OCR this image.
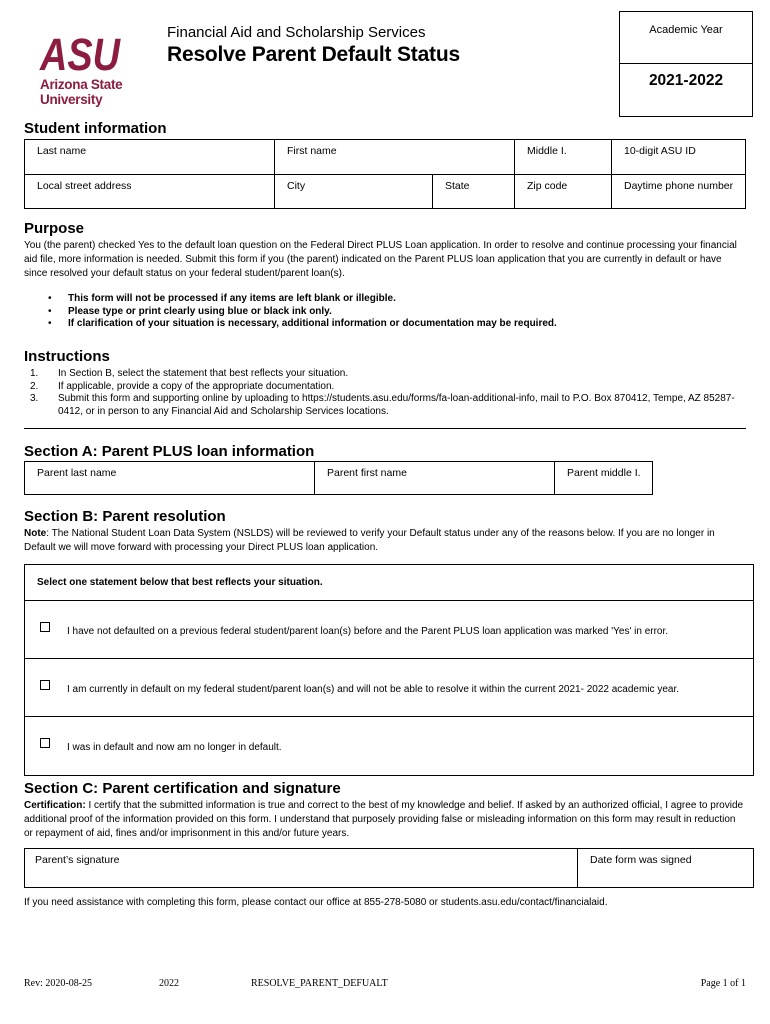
ASU
Arizona State
University
Financial Aid and Scholarship Services
Resolve Parent Default Status
Academic Year
2021-2022
Student information
Last name	First name	Middle I.	10-digit ASU ID
Local street address	City	State	Zip code	Daytime phone number
Purpose
You (the parent) checked Yes to the default loan question on the Federal Direct PLUS Loan application. In order to resolve and continue processing your financial aid file, more information is needed. Submit this form if you (the parent) indicated on the Parent PLUS loan application that you are currently in default or have since resolved your default status on your federal student/parent loan(s).
• This form will not be processed if any items are left blank or illegible.
• Please type or print clearly using blue or black ink only.
• If clarification of your situation is necessary, additional information or documentation may be required.
Instructions
1. In Section B, select the statement that best reflects your situation.
2. If applicable, provide a copy of the appropriate documentation.
3. Submit this form and supporting online by uploading to https://students.asu.edu/forms/fa-loan-additional-info, mail to P.O. Box 870412, Tempe, AZ 85287-0412, or in person to any Financial Aid and Scholarship Services locations.
Section A: Parent PLUS loan information
Parent last name	Parent first name	Parent middle I.
Section B: Parent resolution
Note: The National Student Loan Data System (NSLDS) will be reviewed to verify your Default status under any of the reasons below. If you are no longer in Default we will move forward with processing your Direct PLUS loan application.
Select one statement below that best reflects your situation.
I have not defaulted on a previous federal student/parent loan(s) before and the Parent PLUS loan application was marked 'Yes' in error.
I am currently in default on my federal student/parent loan(s) and will not be able to resolve it within the current 2021- 2022 academic year.
I was in default and now am no longer in default.
Section C: Parent certification and signature
Certification: I certify that the submitted information is true and correct to the best of my knowledge and belief. If asked by an authorized official, I agree to provide additional proof of the information provided on this form. I understand that purposely providing false or misleading information on this form may result in reduction or repayment of aid, fines and/or imprisonment in this and/or future years.
Parent’s signature	Date form was signed
If you need assistance with completing this form, please contact our office at 855-278-5080 or students.asu.edu/contact/financialaid.
Rev: 2020-08-25	2022	RESOLVE_PARENT_DEFUALT	Page 1 of 1
